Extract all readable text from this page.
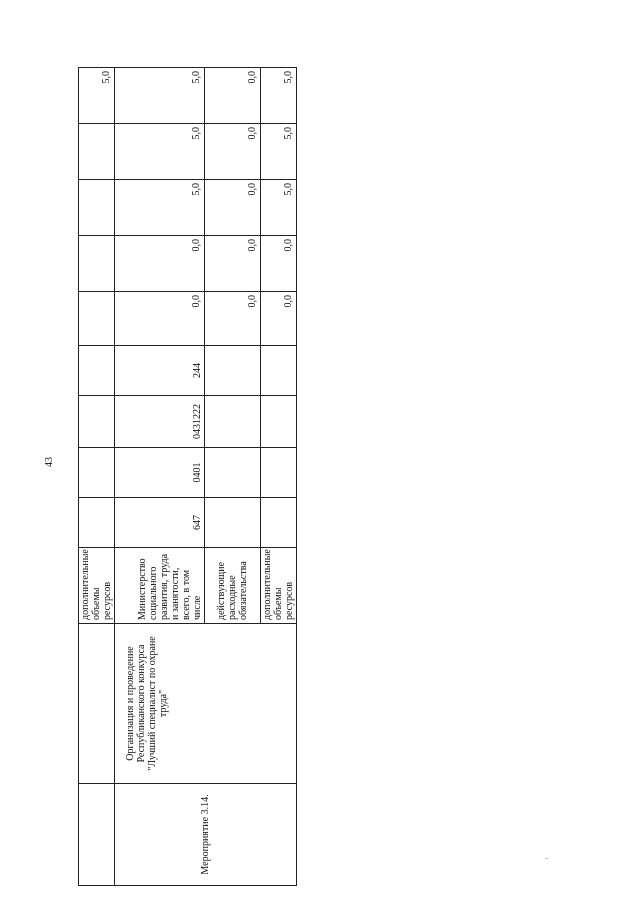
43
		дополнительные объемы ресурсов									5,0
Мероприятие 3.14.	Организация и проведение Республиканского конкурса "Лучший специалист по охране труда"	Министерство социального развития, труда и занятости, всего, в том числе	647	0401	0431222	244	0,0	0,0	5,0	5,0	5,0
		действующие расходные обязательства					0,0	0,0	0,0	0,0	0,0
		дополнительные объемы ресурсов					0,0	0,0	5,0	5,0	5,0
